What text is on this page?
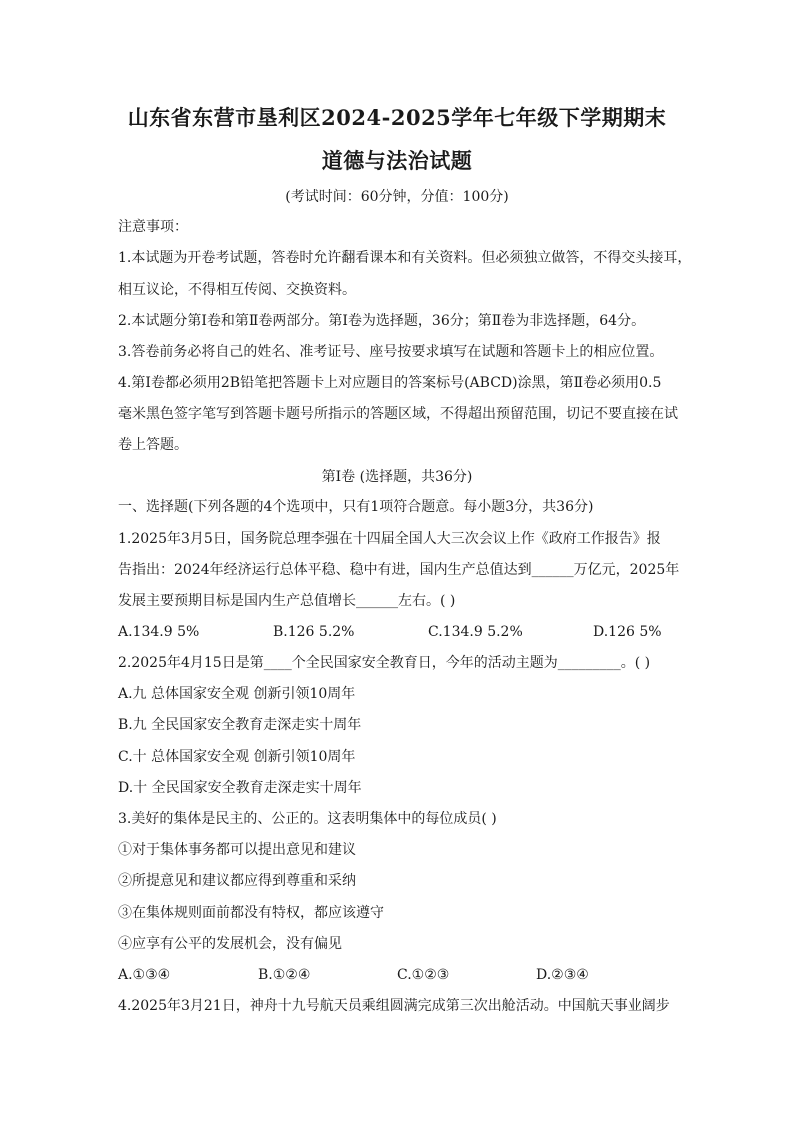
山东省东营市垦利区2024-2025学年七年级下学期期末
道德与法治试题
(考试时间：60分钟，分值：100分)
注意事项：
1.本试题为开卷考试题，答卷时允许翻看课本和有关资料。但必须独立做答，不得交头接耳，
相互议论，不得相互传阅、交换资料。
2.本试题分第Ⅰ卷和第Ⅱ卷两部分。第Ⅰ卷为选择题，36分；第Ⅱ卷为非选择题，64分。
3.答卷前务必将自己的姓名、准考证号、座号按要求填写在试题和答题卡上的相应位置。
4.第Ⅰ卷都必须用2B铅笔把答题卡上对应题目的答案标号(ABCD)涂黑，第Ⅱ卷必须用0.5
毫米黑色签字笔写到答题卡题号所指示的答题区域，不得超出预留范围，切记不要直接在试
卷上答题。
第Ⅰ卷 (选择题，共36分)
一、选择题(下列各题的4个选项中，只有1项符合题意。每小题3分，共36分)
1.2025年3月5日，国务院总理李强在十四届全国人大三次会议上作《政府工作报告》报
告指出：2024年经济运行总体平稳、稳中有进，国内生产总值达到______万亿元，2025年
发展主要预期目标是国内生产总值增长______左右。( )
A.134.9 5%	B.126 5.2%	C.134.9 5.2%	D.126 5%
2.2025年4月15日是第____个全民国家安全教育日，今年的活动主题为_________。( )
A.九 总体国家安全观 创新引领10周年
B.九 全民国家安全教育走深走实十周年
C.十 总体国家安全观 创新引领10周年
D.十 全民国家安全教育走深走实十周年
3.美好的集体是民主的、公正的。这表明集体中的每位成员( )
①对于集体事务都可以提出意见和建议
②所提意见和建议都应得到尊重和采纳
③在集体规则面前都没有特权，都应该遵守
④应享有公平的发展机会，没有偏见
A.①③④	B.①②④	C.①②③	D.②③④
4.2025年3月21日，神舟十九号航天员乘组圆满完成第三次出舱活动。中国航天事业阔步
